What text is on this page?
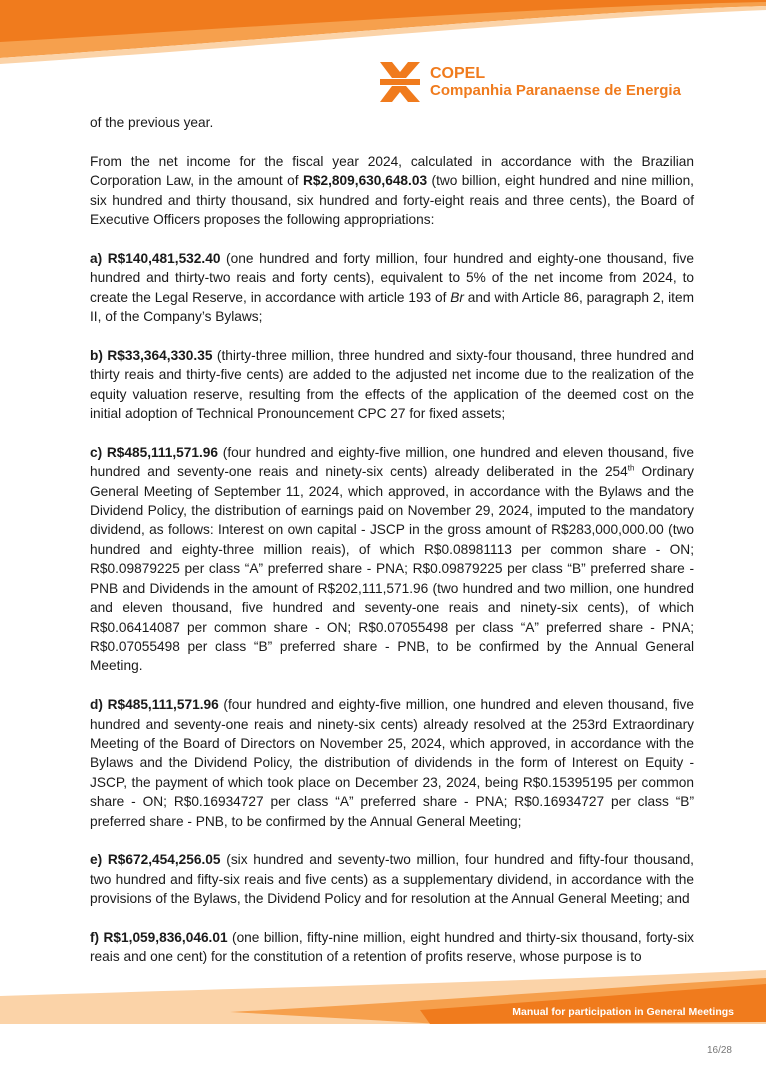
COPEL
Companhia Paranaense de Energia

of the previous year.

From the net income for the fiscal year 2024, calculated in accordance with the Brazilian Corporation Law, in the amount of R$2,809,630,648.03 (two billion, eight hundred and nine million, six hundred and thirty thousand, six hundred and forty-eight reais and three cents), the Board of Executive Officers proposes the following appropriations:

a) R$140,481,532.40 (one hundred and forty million, four hundred and eighty-one thousand, five hundred and thirty-two reais and forty cents), equivalent to 5% of the net income from 2024, to create the Legal Reserve, in accordance with article 193 of Br and with Article 86, paragraph 2, item II, of the Company’s Bylaws;

b) R$33,364,330.35 (thirty-three million, three hundred and sixty-four thousand, three hundred and thirty reais and thirty-five cents) are added to the adjusted net income due to the realization of the equity valuation reserve, resulting from the effects of the application of the deemed cost on the initial adoption of Technical Pronouncement CPC 27 for fixed assets;

c) R$485,111,571.96 (four hundred and eighty-five million, one hundred and eleven thousand, five hundred and seventy-one reais and ninety-six cents) already deliberated in the 254th Ordinary General Meeting of September 11, 2024, which approved, in accordance with the Bylaws and the Dividend Policy, the distribution of earnings paid on November 29, 2024, imputed to the mandatory dividend, as follows: Interest on own capital - JSCP in the gross amount of R$283,000,000.00 (two hundred and eighty-three million reais), of which R$0.08981113 per common share - ON; R$0.09879225 per class “A” preferred share - PNA; R$0.09879225 per class “B” preferred share - PNB and Dividends in the amount of R$202,111,571.96 (two hundred and two million, one hundred and eleven thousand, five hundred and seventy-one reais and ninety-six cents), of which R$0.06414087 per common share - ON; R$0.07055498 per class “A” preferred share - PNA; R$0.07055498 per class “B” preferred share - PNB, to be confirmed by the Annual General Meeting.

d) R$485,111,571.96 (four hundred and eighty-five million, one hundred and eleven thousand, five hundred and seventy-one reais and ninety-six cents) already resolved at the 253rd Extraordinary Meeting of the Board of Directors on November 25, 2024, which approved, in accordance with the Bylaws and the Dividend Policy, the distribution of dividends in the form of Interest on Equity - JSCP, the payment of which took place on December 23, 2024, being R$0.15395195 per common share - ON; R$0.16934727 per class “A” preferred share - PNA; R$0.16934727 per class “B” preferred share - PNB, to be confirmed by the Annual General Meeting;

e) R$672,454,256.05 (six hundred and seventy-two million, four hundred and fifty-four thousand, two hundred and fifty-six reais and five cents) as a supplementary dividend, in accordance with the provisions of the Bylaws, the Dividend Policy and for resolution at the Annual General Meeting; and

f) R$1,059,836,046.01 (one billion, fifty-nine million, eight hundred and thirty-six thousand, forty-six reais and one cent) for the constitution of a retention of profits reserve, whose purpose is to

Manual for participation in General Meetings
16/28
